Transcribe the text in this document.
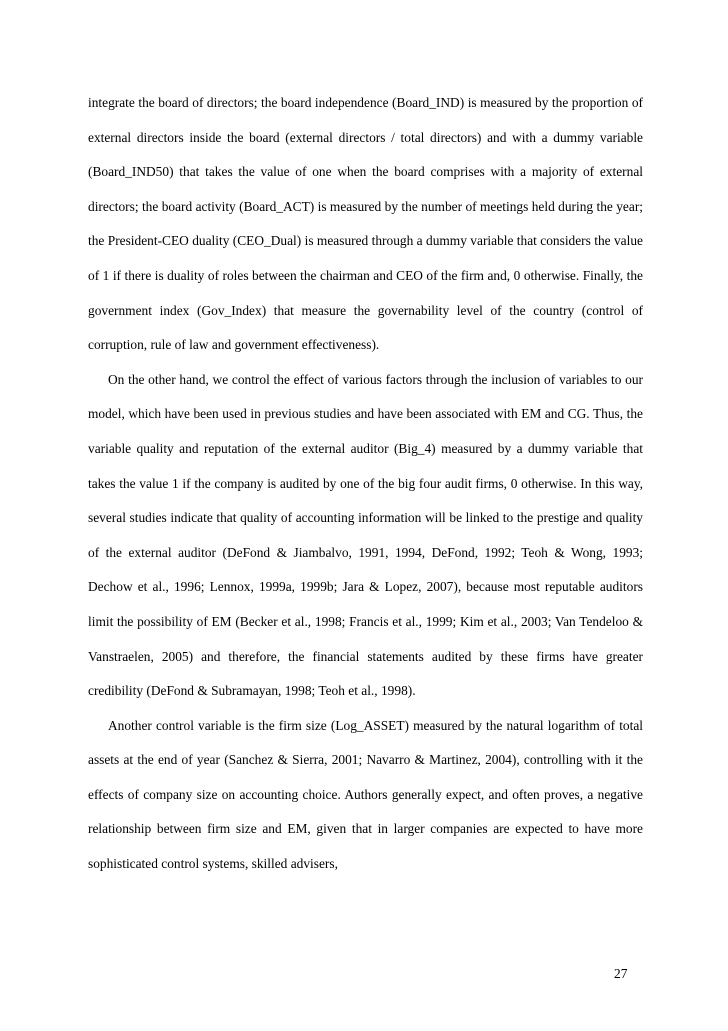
integrate the board of directors; the board independence (Board_IND) is measured by the proportion of external directors inside the board (external directors / total directors) and with a dummy variable (Board_IND50) that takes the value of one when the board comprises with a majority of external directors; the board activity (Board_ACT) is measured by the number of meetings held during the year; the President-CEO duality (CEO_Dual) is measured through a dummy variable that considers the value of 1 if there is duality of roles between the chairman and CEO of the firm and, 0 otherwise. Finally, the government index (Gov_Index) that measure the governability level of the country (control of corruption, rule of law and government effectiveness).

On the other hand, we control the effect of various factors through the inclusion of variables to our model, which have been used in previous studies and have been associated with EM and CG. Thus, the variable quality and reputation of the external auditor (Big_4) measured by a dummy variable that takes the value 1 if the company is audited by one of the big four audit firms, 0 otherwise. In this way, several studies indicate that quality of accounting information will be linked to the prestige and quality of the external auditor (DeFond & Jiambalvo, 1991, 1994, DeFond, 1992; Teoh & Wong, 1993; Dechow et al., 1996; Lennox, 1999a, 1999b; Jara & Lopez, 2007), because most reputable auditors limit the possibility of EM (Becker et al., 1998; Francis et al., 1999; Kim et al., 2003; Van Tendeloo & Vanstraelen, 2005) and therefore, the financial statements audited by these firms have greater credibility (DeFond & Subramayan, 1998; Teoh et al., 1998).

Another control variable is the firm size (Log_ASSET) measured by the natural logarithm of total assets at the end of year (Sanchez & Sierra, 2001; Navarro & Martinez, 2004), controlling with it the effects of company size on accounting choice. Authors generally expect, and often proves, a negative relationship between firm size and EM, given that in larger companies are expected to have more sophisticated control systems, skilled advisers,

27
